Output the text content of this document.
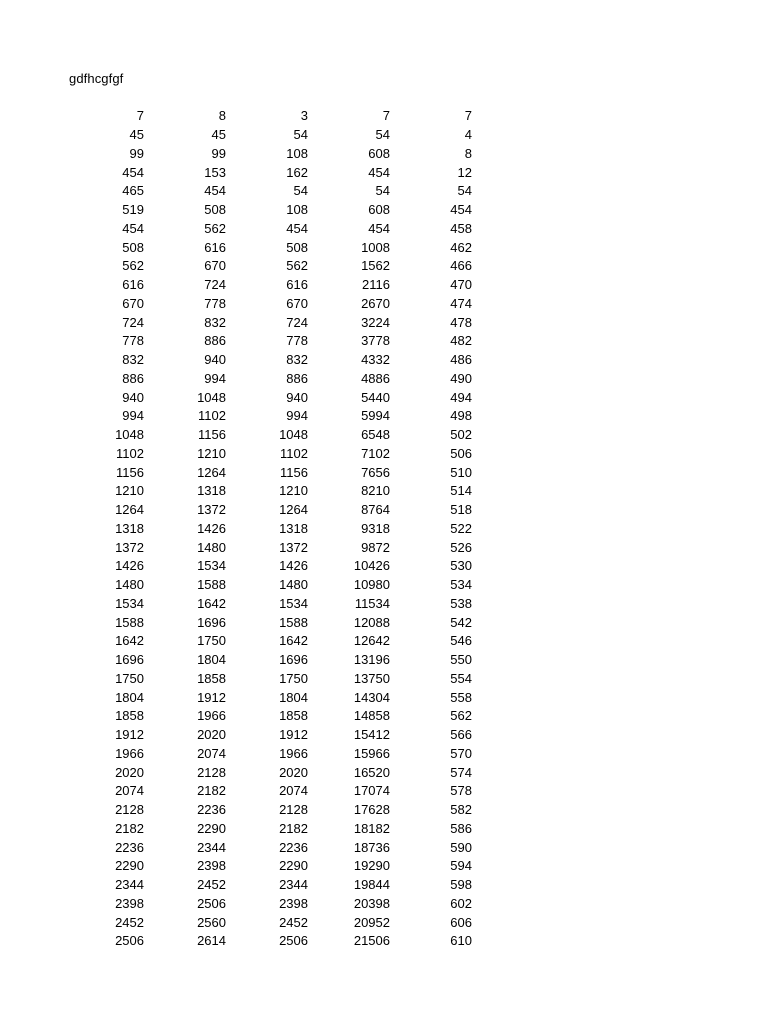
gdfhcgfgf
7	8	3	7	7
45	45	54	54	4
99	99	108	608	8
454	153	162	454	12
465	454	54	54	54
519	508	108	608	454
454	562	454	454	458
508	616	508	1008	462
562	670	562	1562	466
616	724	616	2116	470
670	778	670	2670	474
724	832	724	3224	478
778	886	778	3778	482
832	940	832	4332	486
886	994	886	4886	490
940	1048	940	5440	494
994	1102	994	5994	498
1048	1156	1048	6548	502
1102	1210	1102	7102	506
1156	1264	1156	7656	510
1210	1318	1210	8210	514
1264	1372	1264	8764	518
1318	1426	1318	9318	522
1372	1480	1372	9872	526
1426	1534	1426	10426	530
1480	1588	1480	10980	534
1534	1642	1534	11534	538
1588	1696	1588	12088	542
1642	1750	1642	12642	546
1696	1804	1696	13196	550
1750	1858	1750	13750	554
1804	1912	1804	14304	558
1858	1966	1858	14858	562
1912	2020	1912	15412	566
1966	2074	1966	15966	570
2020	2128	2020	16520	574
2074	2182	2074	17074	578
2128	2236	2128	17628	582
2182	2290	2182	18182	586
2236	2344	2236	18736	590
2290	2398	2290	19290	594
2344	2452	2344	19844	598
2398	2506	2398	20398	602
2452	2560	2452	20952	606
2506	2614	2506	21506	610
